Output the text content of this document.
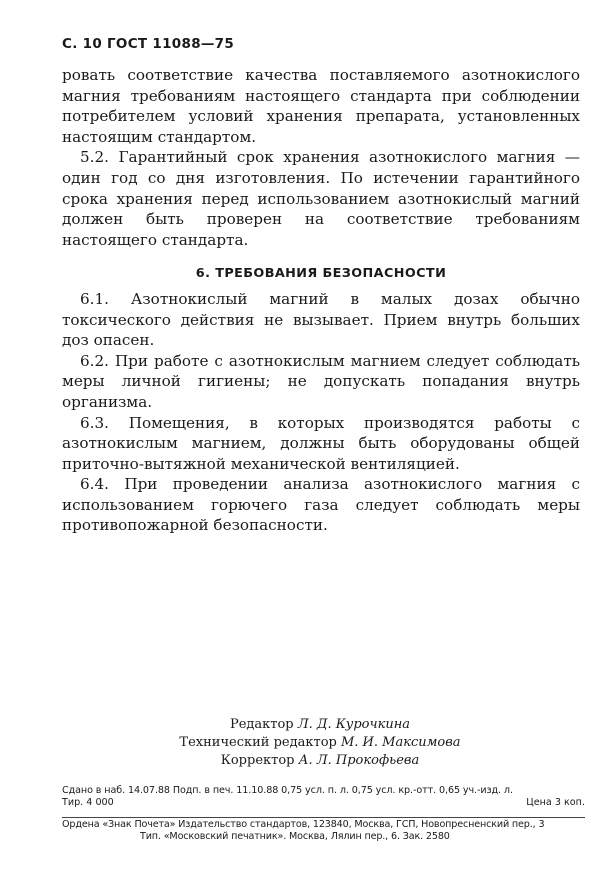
С. 10 ГОСТ 11088—75

ровать соответствие качества поставляемого азотнокислого магния требованиям настоящего стандарта при соблюдении потребителем условий хранения препарата, установленных настоящим стандартом.

5.2. Гарантийный срок хранения азотнокислого магния — один год со дня изготовления. По истечении гарантийного срока хранения перед использованием азотнокислый магний должен быть проверен на соответствие требованиям настоящего стандарта.

6. ТРЕБОВАНИЯ БЕЗОПАСНОСТИ

6.1. Азотнокислый магний в малых дозах обычно токсического действия не вызывает. Прием внутрь больших доз опасен.

6.2. При работе с азотнокислым магнием следует соблюдать меры личной гигиены; не допускать попадания внутрь организма.

6.3. Помещения, в которых производятся работы с азотнокислым магнием, должны быть оборудованы общей приточно-вытяжной механической вентиляцией.

6.4. При проведении анализа азотнокислого магния с использованием горючего газа следует соблюдать меры противопожарной безопасности.

Редактор Л. Д. Курочкина
Технический редактор М. И. Максимова
Корректор А. Л. Прокофьева
Сдано в наб. 14.07.88 Подп. в печ. 11.10.88 0,75 усл. п. л. 0,75 усл. кр.-отт. 0,65 уч.-изд. л.
Тир. 4 000	Цена 3 коп.
Ордена «Знак Почета» Издательство стандартов, 123840, Москва, ГСП, Новопресненский пер., 3
Тип. «Московский печатник». Москва, Лялин пер., 6. Зак. 2580
